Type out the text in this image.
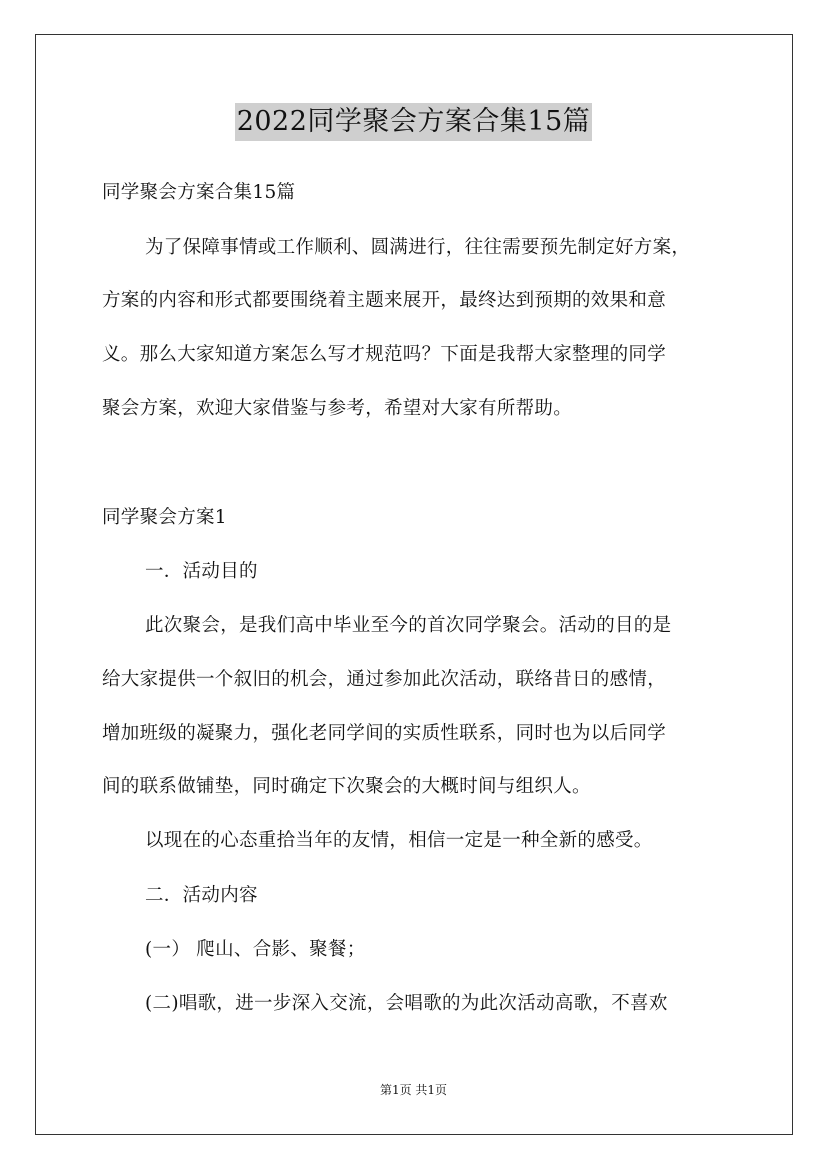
2022同学聚会方案合集15篇
同学聚会方案合集15篇
为了保障事情或工作顺利、圆满进行，往往需要预先制定好方案，
方案的内容和形式都要围绕着主题来展开，最终达到预期的效果和意
义。那么大家知道方案怎么写才规范吗？下面是我帮大家整理的同学
聚会方案，欢迎大家借鉴与参考，希望对大家有所帮助。
同学聚会方案1
一．活动目的
此次聚会，是我们高中毕业至今的首次同学聚会。活动的目的是
给大家提供一个叙旧的机会，通过参加此次活动，联络昔日的感情，
增加班级的凝聚力，强化老同学间的实质性联系，同时也为以后同学
间的联系做铺垫，同时确定下次聚会的大概时间与组织人。
以现在的心态重拾当年的友情，相信一定是一种全新的感受。
二．活动内容
(一） 爬山、合影、聚餐；
(二)唱歌，进一步深入交流，会唱歌的为此次活动高歌，不喜欢
第1页 共1页
